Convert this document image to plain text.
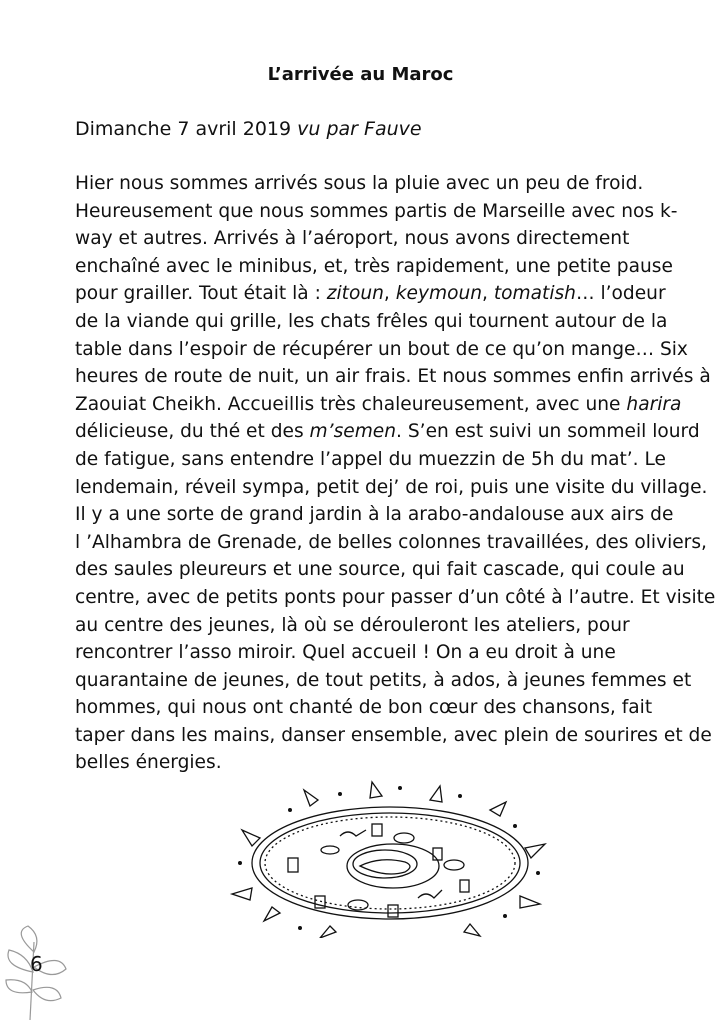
L’arrivée au Maroc
Dimanche 7 avril 2019 vu par Fauve
Hier nous sommes arrivés sous la pluie avec un peu de froid.
Heureusement que nous sommes partis de Marseille avec nos k-
way et autres. Arrivés à l’aéroport, nous avons directement
enchaîné avec le minibus, et, très rapidement, une petite pause
pour grailler. Tout était là : zitoun, keymoun, tomatish… l’odeur
de la viande qui grille, les chats frêles qui tournent autour de la
table dans l’espoir de récupérer un bout de ce qu’on mange… Six
heures de route de nuit, un air frais. Et nous sommes enfin arrivés à
Zaouiat Cheikh. Accueillis très chaleureusement, avec une harira
délicieuse, du thé et des m’semen. S’en est suivi un sommeil lourd
de fatigue, sans entendre l’appel du muezzin de 5h du mat’. Le
lendemain, réveil sympa, petit dej’ de roi, puis une visite du village.
Il y a une sorte de grand jardin à la arabo-andalouse aux airs de
l ’Alhambra de Grenade, de belles colonnes travaillées, des oliviers,
des saules pleureurs et une source, qui fait cascade, qui coule au
centre, avec de petits ponts pour passer d’un côté à l’autre. Et visite
au centre des jeunes, là où se dérouleront les ateliers, pour
rencontrer l’asso miroir. Quel accueil ! On a eu droit à une
quarantaine de jeunes, de tout petits, à ados, à jeunes femmes et
hommes, qui nous ont chanté de bon cœur des chansons, fait
taper dans les mains, danser ensemble, avec plein de sourires et de
belles énergies.
6
